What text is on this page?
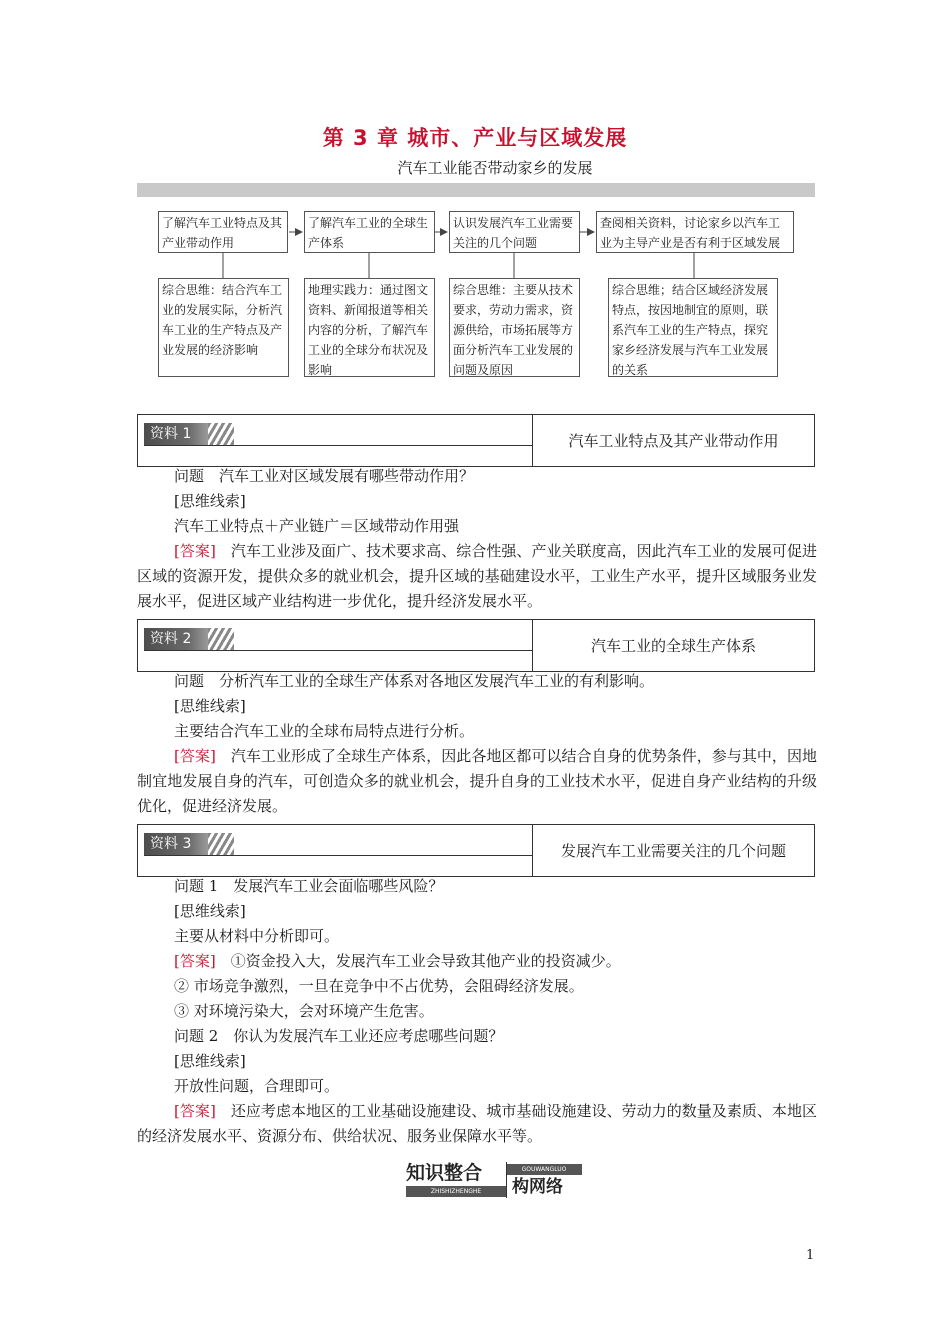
第 3 章 城市、产业与区域发展
汽车工业能否带动家乡的发展
了解汽车工业特点及其产业带动作用
了解汽车工业的全球生产体系
认识发展汽车工业需要关注的几个问题
查阅相关资料，讨论家乡以汽车工业为主导产业是否有利于区域发展
综合思维：结合汽车工业的发展实际，分析汽车工业的生产特点及产业发展的经济影响
地理实践力：通过图文资料、新闻报道等相关内容的分析，了解汽车工业的全球分布状况及影响
综合思维：主要从技术要求，劳动力需求，资源供给，市场拓展等方面分析汽车工业发展的问题及原因
综合思维；结合区域经济发展特点，按因地制宜的原则，联系汽车工业的生产特点，探究家乡经济发展与汽车工业发展的关系
资料 1	汽车工业特点及其产业带动作用
问题　汽车工业对区域发展有哪些带动作用？
[思维线索]
汽车工业特点＋产业链广＝区域带动作用强
[答案]　汽车工业涉及面广、技术要求高、综合性强、产业关联度高，因此汽车工业的发展可促进区域的资源开发，提供众多的就业机会，提升区域的基础建设水平，工业生产水平，提升区域服务业发展水平，促进区域产业结构进一步优化，提升经济发展水平。
资料 2	汽车工业的全球生产体系
问题　分析汽车工业的全球生产体系对各地区发展汽车工业的有利影响。
[思维线索]
主要结合汽车工业的全球布局特点进行分析。
[答案]　汽车工业形成了全球生产体系，因此各地区都可以结合自身的优势条件，参与其中，因地制宜地发展自身的汽车，可创造众多的就业机会，提升自身的工业技术水平，促进自身产业结构的升级优化，促进经济发展。
资料 3	发展汽车工业需要关注的几个问题
问题 1　发展汽车工业会面临哪些风险？
[思维线索]
主要从材料中分析即可。
[答案]　①资金投入大，发展汽车工业会导致其他产业的投资减少。
② 市场竞争激烈，一旦在竞争中不占优势，会阻碍经济发展。
③ 对环境污染大，会对环境产生危害。
问题 2　你认为发展汽车工业还应考虑哪些问题？
[思维线索]
开放性问题，合理即可。
[答案]　还应考虑本地区的工业基础设施建设、城市基础设施建设、劳动力的数量及素质、本地区的经济发展水平、资源分布、供给状况、服务业保障水平等。
知识整合	GOUWANGLUO
ZHISHIZHENGHE	构网络
1
